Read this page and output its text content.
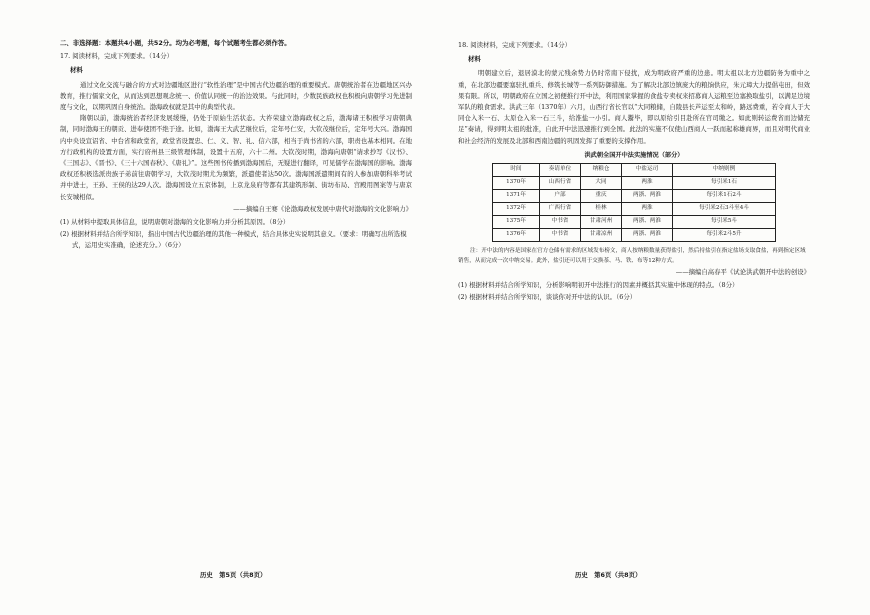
二、非选择题：本题共4小题，共52分。均为必考题，每个试题考生都必须作答。
17. 阅读材料，完成下列要求。（14分）
材料

通过文化交流与融合的方式对边疆地区进行“软性治理”是中国古代边疆治理的重要模式。唐朝统治者在边疆地区兴办教育，推行儒家文化，从而达到思想观念统一、价值认同统一的治边效果。与此同时，少数民族政权也积极向唐朝学习先进制度与文化，以期巩固自身统治。渤海政权就是其中的典型代表。

隋朝以前，渤海统治者经济发展缓慢，仍处于原始生活状态。大祚荣建立渤海政权之后，渤海诸王积极学习唐朝典制，同时渤海王的朝贡、进奉使团不绝于途。比如，渤海王大武艺继位后，定年号仁安，大钦茂继位后，定年号大兴。渤海国内中央设宣诏省、中台省和政堂省，政堂省设置忠、仁、义、智、礼、信六部，相当于尚书省的六部，职责也基本相同。在地方行政机构的设置方面，实行府州县三级管理体制，设置十五府，六十二州。大钦茂时期，渤海向唐朝“请求抄写《汉书》、《三国志》、《晋书》、《三十六国春秋》、《唐礼》”。这些图书传播到渤海国后，无疑进行翻译，可见儒学在渤海国的影响。渤海政权还积极选派贵族子弟前往唐朝学习，大钦茂时期尤为频繁，派遣使者达50次。渤海国派遣期间有的人参加唐朝科举考试并中进士，王孙、王侯的达29人次。渤海国设立五京体制，上京龙泉府等都有其建筑形制、街坊布局、宫殿用图案等与唐京长安城相似。

——摘编自王赛《论渤海政权发展中唐代对渤海的文化影响力》
(1) 从材料中提取具体信息，说明唐朝对渤海的文化影响力并分析其原因。（8分）
(2) 根据材料并结合所学知识，指出中国古代边疆治理的其他一种模式，结合具体史实说明其意义。（要求：明确写出所选模式，运用史实准确，论述充分。）（6分）
历史　第5页（共8页）
18. 阅读材料，完成下列要求。（14分）
材料

明朝建立后，退居漠北的蒙元残余势力仍时常南下侵扰，成为明政府严重的边患。明太祖以北方边疆防务为重中之重，在北部边疆要塞驻扎重兵、修筑长城等一系列防御措施。为了解决北部边镇庞大的粮饷供应，朱元璋大力提倡屯田，但效果有限。所以，明朝政府在立国之初便推行开中法，利用国家掌握的食盐专卖权来招募商人运粮至边塞换取盐引，以满足边境军队的粮食需求。洪武三年（1370年）六月，山西行省长官以“大同粮储，自陵县长芦运至太和岭，路远费重，若令商人于大同仓入米一石、太原仓入米一石三斗，给淮盐一小引。商人鬻毕，即以原给引目赴所在官司缴之。如此则转运费省而边储充足”奏请，得到明太祖的批准，自此开中法迅速推行到全国。此法的实施不仅使山西商人一跃而起称雄商界，而且对明代商业和社会经济的发展及北部和西南边疆的巩固发挥了重要的支撑作用。

洪武朝全国开中法实施情况（部分）
时间	奏请单位	纳粮仓	中盐运司	中纳则例
1370年	山西行省	大同	两淮	每引米1石
1371年	户部	重庆	两浙、两淮	每引米1石2斗
1372年	广西行省	桂林	两淮	每引米2石3斗至4斗
1375年	中书省	甘肃河州	两浙、两淮	每引米5斗
1376年	中书省	甘肃凉州	两浙、两淮	每引米2斗5升

注：开中法的内容是国家在官方仓储有需求的区域发布榜文，商人按纳粮数量获得盐引，然后持盐引在指定盐场支取食盐，再到指定区域销售，从而完成一次中纳交易。此外，盐引还可以用于交换茶、马、铁、布等12种方式。

——摘编自高春平《试论洪武朝开中法的创设》
(1) 根据材料并结合所学知识，分析影响明初开中法推行的因素并概括其实施中体现的特点。（8分）
(2) 根据材料并结合所学知识，谈谈你对开中法的认识。（6分）
历史　第6页（共8页）
